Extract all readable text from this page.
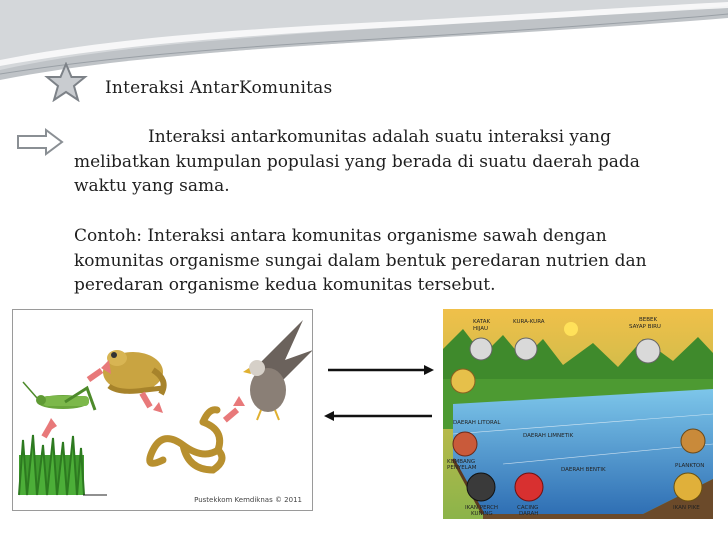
Interaksi AntarKomunitas
Interaksi antarkomunitas adalah suatu interaksi yang
melibatkan kumpulan populasi yang berada di suatu daerah pada
waktu yang sama.
Contoh: Interaksi antara komunitas organisme sawah dengan
komunitas organisme sungai dalam bentuk peredaran nutrien dan
peredaran organisme kedua komunitas tersebut.
Pustekkom Kemdiknas © 2011
KATAK
HIJAU
KURA-KURA	BEBEK
SAYAP BIRU
DAERAH LITORAL
DAERAH LIMNETIK
DAERAH BENTIK
KUMBANG
PENYELAM	PLANKTON
IKAN PERCH
KUNING
CACING
DARAH
IKAN PIKE
